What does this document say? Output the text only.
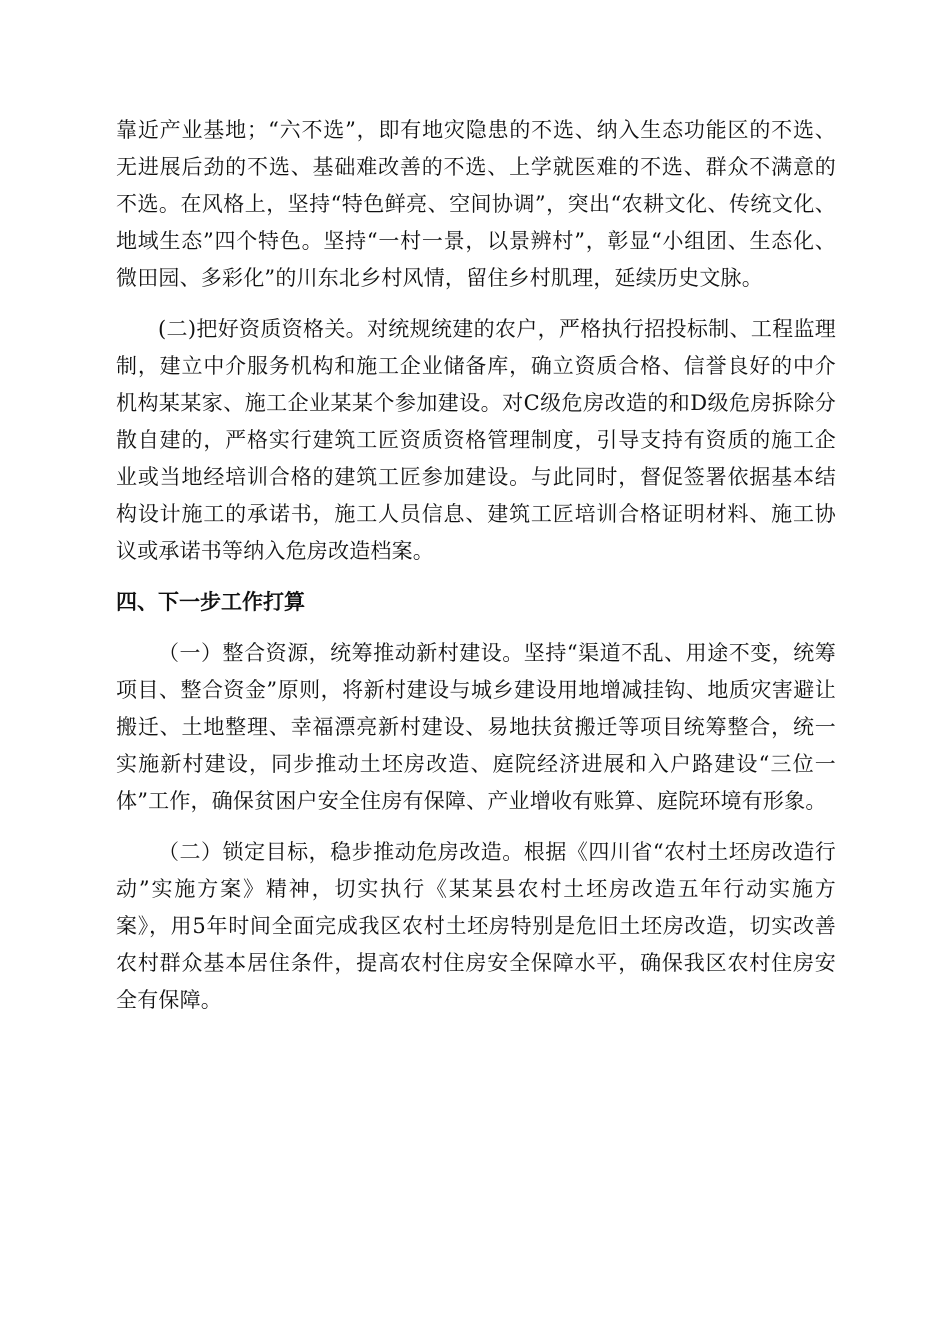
靠近产业基地；“六不选”，即有地灾隐患的不选、纳入生态功能区的不选、无进展后劲的不选、基础难改善的不选、上学就医难的不选、群众不满意的不选。在风格上，坚持“特色鲜亮、空间协调”，突出“农耕文化、传统文化、地域生态”四个特色。坚持“一村一景，以景辨村”，彰显“小组团、生态化、微田园、多彩化”的川东北乡村风情，留住乡村肌理，延续历史文脉。

(二)把好资质资格关。对统规统建的农户，严格执行招投标制、工程监理制，建立中介服务机构和施工企业储备库，确立资质合格、信誉良好的中介机构某某家、施工企业某某个参加建设。对C级危房改造的和D级危房拆除分散自建的，严格实行建筑工匠资质资格管理制度，引导支持有资质的施工企业或当地经培训合格的建筑工匠参加建设。与此同时，督促签署依据基本结构设计施工的承诺书，施工人员信息、建筑工匠培训合格证明材料、施工协议或承诺书等纳入危房改造档案。

四、下一步工作打算

（一）整合资源，统筹推动新村建设。坚持“渠道不乱、用途不变，统筹项目、整合资金”原则，将新村建设与城乡建设用地增减挂钩、地质灾害避让搬迁、土地整理、幸福漂亮新村建设、易地扶贫搬迁等项目统筹整合，统一实施新村建设，同步推动土坯房改造、庭院经济进展和入户路建设“三位一体”工作，确保贫困户安全住房有保障、产业增收有账算、庭院环境有形象。

（二）锁定目标，稳步推动危房改造。根据《四川省“农村土坯房改造行动”实施方案》精神，切实执行《某某县农村土坯房改造五年行动实施方案》，用5年时间全面完成我区农村土坯房特别是危旧土坯房改造，切实改善农村群众基本居住条件，提高农村住房安全保障水平，确保我区农村住房安全有保障。
